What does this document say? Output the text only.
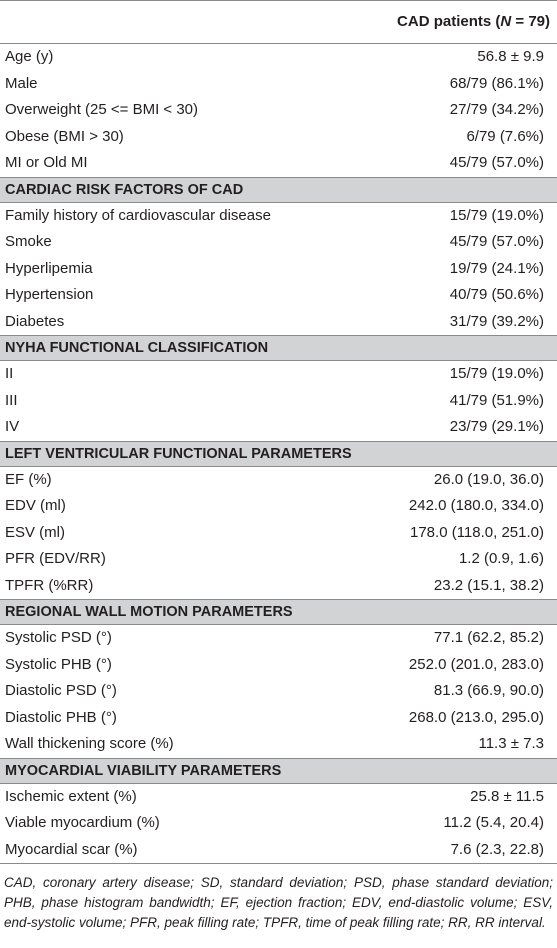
CAD patients (N = 79)
Age (y)	56.8 ± 9.9
Male	68/79 (86.1%)
Overweight (25 <= BMI < 30)	27/79 (34.2%)
Obese (BMI > 30)	6/79 (7.6%)
MI or Old MI	45/79 (57.0%)
CARDIAC RISK FACTORS OF CAD
Family history of cardiovascular disease	15/79 (19.0%)
Smoke	45/79 (57.0%)
Hyperlipemia	19/79 (24.1%)
Hypertension	40/79 (50.6%)
Diabetes	31/79 (39.2%)
NYHA FUNCTIONAL CLASSIFICATION
II	15/79 (19.0%)
III	41/79 (51.9%)
IV	23/79 (29.1%)
LEFT VENTRICULAR FUNCTIONAL PARAMETERS
EF (%)	26.0 (19.0, 36.0)
EDV (ml)	242.0 (180.0, 334.0)
ESV (ml)	178.0 (118.0, 251.0)
PFR (EDV/RR)	1.2 (0.9, 1.6)
TPFR (%RR)	23.2 (15.1, 38.2)
REGIONAL WALL MOTION PARAMETERS
Systolic PSD (°)	77.1 (62.2, 85.2)
Systolic PHB (°)	252.0 (201.0, 283.0)
Diastolic PSD (°)	81.3 (66.9, 90.0)
Diastolic PHB (°)	268.0 (213.0, 295.0)
Wall thickening score (%)	11.3 ± 7.3
MYOCARDIAL VIABILITY PARAMETERS
Ischemic extent (%)	25.8 ± 11.5
Viable myocardium (%)	11.2 (5.4, 20.4)
Myocardial scar (%)	7.6 (2.3, 22.8)
CAD, coronary artery disease; SD, standard deviation; PSD, phase standard deviation; PHB, phase histogram bandwidth; EF, ejection fraction; EDV, end-diastolic volume; ESV, end-systolic volume; PFR, peak filling rate; TPFR, time of peak filling rate; RR, RR interval.
